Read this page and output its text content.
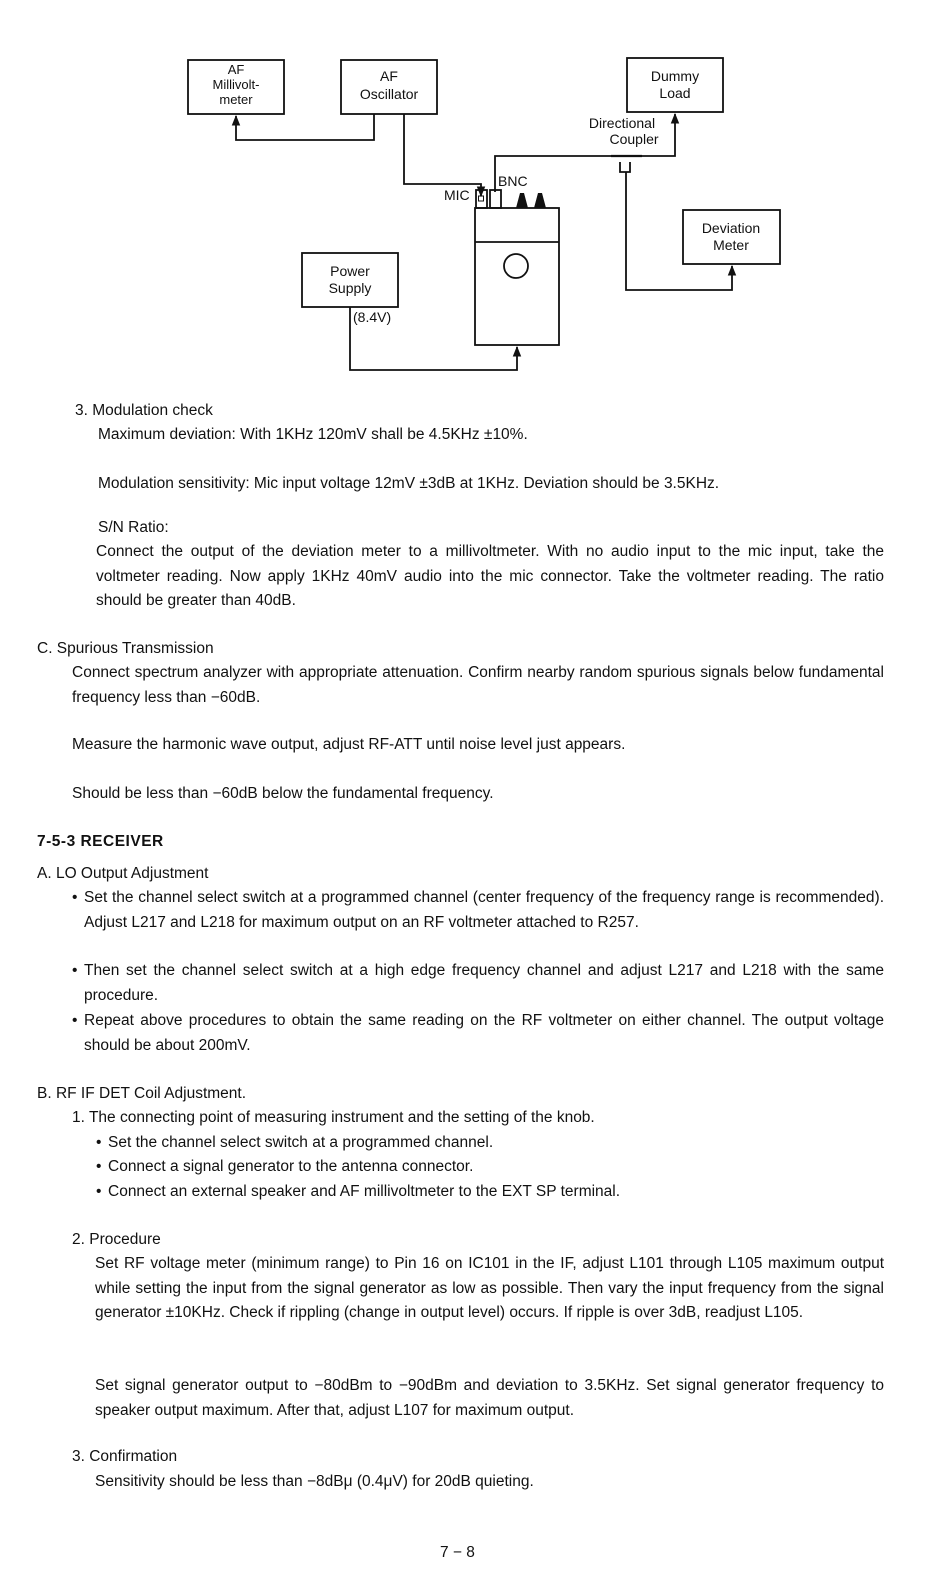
AF
Millivolt-
meter
AF
Oscillator
Dummy
Load
Directional
Coupler
Deviation
Meter
Power
Supply
(8.4V)
MIC
BNC
3. Modulation check
Maximum deviation: With 1KHz 120mV shall be 4.5KHz ±10%.
Modulation sensitivity: Mic input voltage 12mV ±3dB at 1KHz. Deviation should be 3.5KHz.
S/N Ratio:
Connect the output of the deviation meter to a millivoltmeter. With no audio input to the mic input, take the voltmeter reading. Now apply 1KHz 40mV audio into the mic connector. Take the voltmeter reading. The ratio should be greater than 40dB.
C. Spurious Transmission
Connect spectrum analyzer with appropriate attenuation. Confirm nearby random spurious signals below fundamental frequency less than −60dB.
Measure the harmonic wave output, adjust RF-ATT until noise level just appears.
Should be less than −60dB below the fundamental frequency.
7-5-3 RECEIVER
A. LO Output Adjustment
• Set the channel select switch at a programmed channel (center frequency of the frequency range is recommended). Adjust L217 and L218 for maximum output on an RF voltmeter attached to R257.
• Then set the channel select switch at a high edge frequency channel and adjust L217 and L218 with the same procedure.
• Repeat above procedures to obtain the same reading on the RF voltmeter on either channel. The output voltage should be about 200mV.
B. RF IF DET Coil Adjustment.
1. The connecting point of measuring instrument and the setting of the knob.
• Set the channel select switch at a programmed channel.
• Connect a signal generator to the antenna connector.
• Connect an external speaker and AF millivoltmeter to the EXT SP terminal.
2. Procedure
Set RF voltage meter (minimum range) to Pin 16 on IC101 in the IF, adjust L101 through L105 maximum output while setting the input from the signal generator as low as possible. Then vary the input frequency from the signal generator ±10KHz. Check if rippling (change in output level) occurs. If ripple is over 3dB, readjust L105.
Set signal generator output to −80dBm to −90dBm and deviation to 3.5KHz. Set signal generator frequency to speaker output maximum. After that, adjust L107 for maximum output.
3. Confirmation
Sensitivity should be less than −8dBμ (0.4μV) for 20dB quieting.
7 − 8
